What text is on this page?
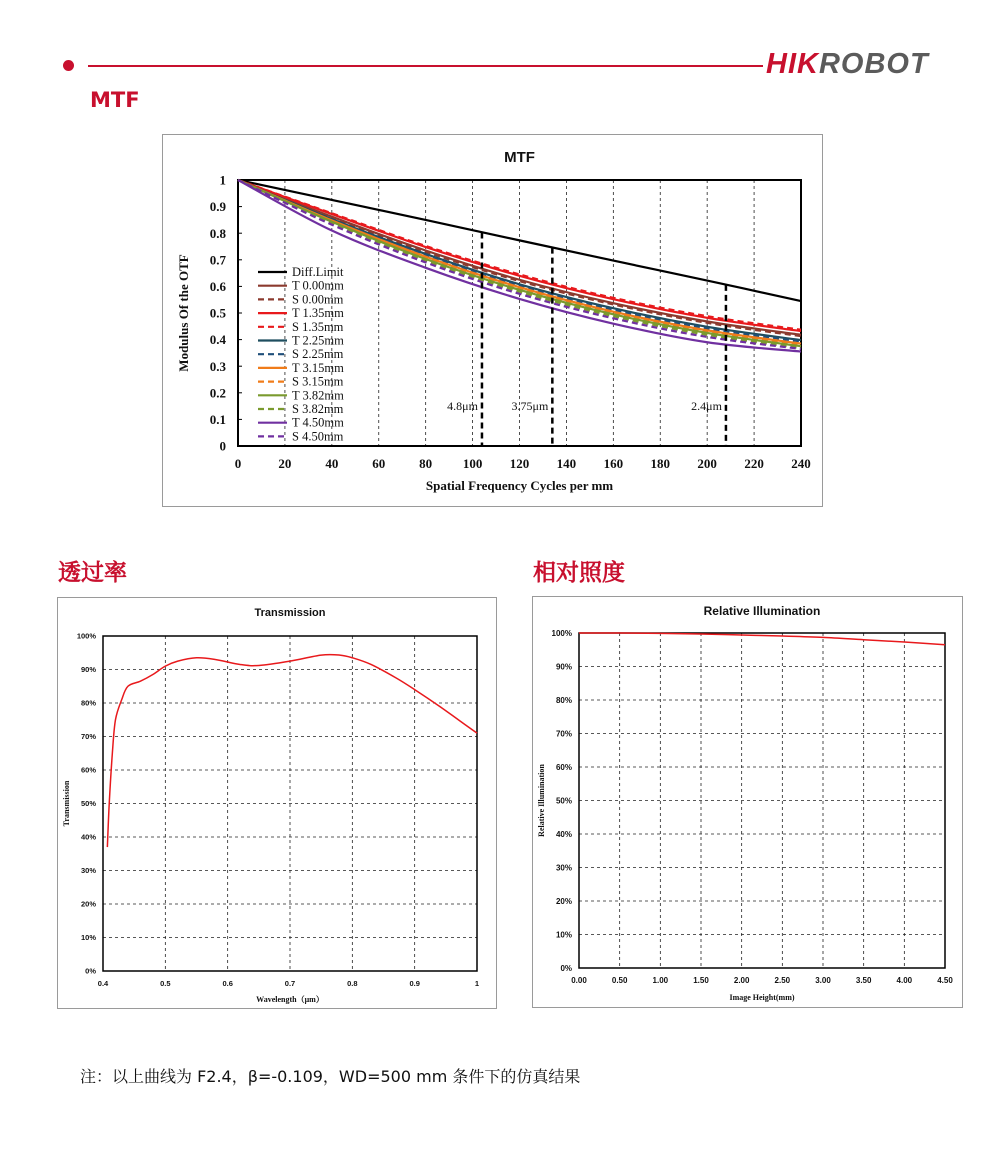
HIKROBOT
MTF
MTF
0	20	40	60	80 100 120 140 160 180 200 220 240
0
0.1
0.2
0.3
0.4
0.5
0.6
0.7
0.8
0.9
1
Spatial Frequency Cycles per mm
Modulus Of the OTF
4.8μm	3.75μm	2.4μm
Diff.Limit
T 0.00mm
S 0.00mm
T 1.35mm
S 1.35mm
T 2.25mm
S 2.25mm
T 3.15mm
S 3.15mm
T 3.82mm
S 3.82mm
T 4.50mm
S 4.50mm
透过率
Transmission
0.4	0.5	0.6	0.7	0.8	0.9	1
0%
10%
20%
30%
40%
50%
60%
70%
80%
90%
100%
Wavelength（μm）
Transmission
相对照度
Relative Illumination
0.00	0.50	1.00	1.50	2.00	2.50	3.00	3.50	4.00	4.50
0%
10%
20%
30%
40%
50%
60%
70%
80%
90%
100%
Image Height(mm)
Relative Illumination
注：以上曲线为 F2.4，β=-0.109，WD=500 mm 条件下的仿真结果
